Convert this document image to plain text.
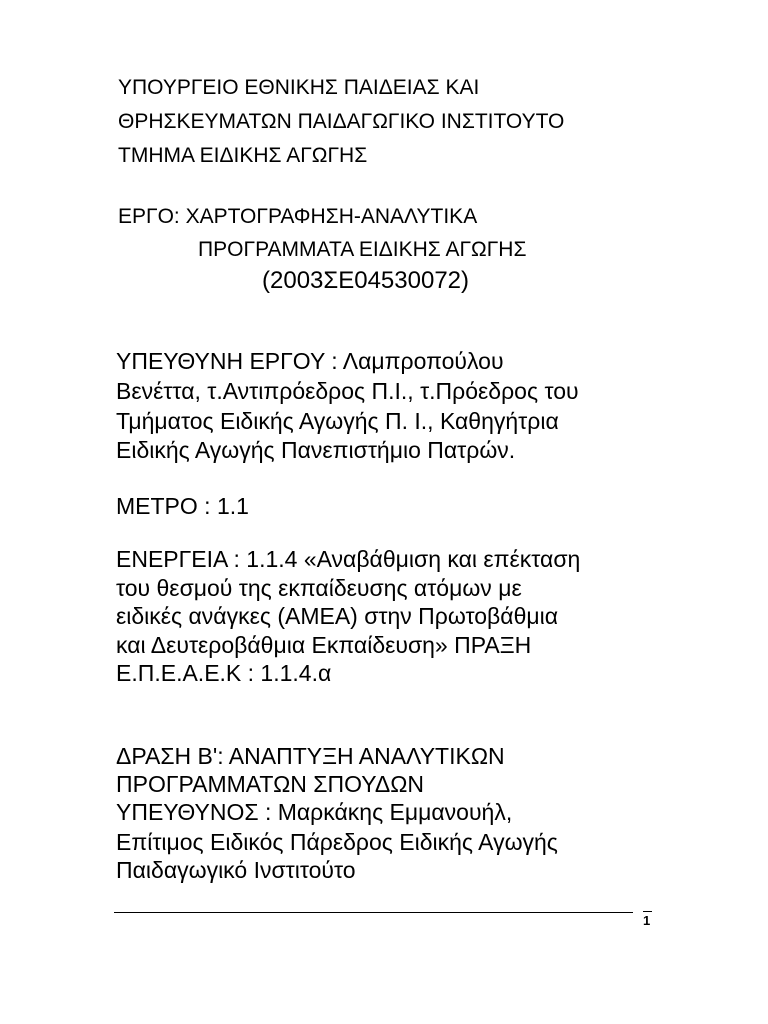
ΥΠΟΥΡΓΕΙΟ ΕΘΝΙΚΗΣ ΠΑΙΔΕΙΑΣ ΚΑΙ

ΘΡΗΣΚΕΥΜΑΤΩΝ ΠΑΙΔΑΓΩΓΙΚΟ ΙΝΣΤΙΤΟΥΤΟ

ΤΜΗΜΑ ΕΙΔΙΚΗΣ ΑΓΩΓΗΣ

ΕΡΓΟ: ΧΑΡΤΟΓΡΑΦΗΣΗ-ΑΝΑΛΥΤΙΚΑ

ΠΡΟΓΡΑΜΜΑΤΑ ΕΙΔΙΚΗΣ ΑΓΩΓΗΣ

(2003ΣΕ04530072)

ΥΠΕΥΘΥΝΗ ΕΡΓΟΥ : Λαμπροπούλου

Βενέττα, τ.Αντιπρόεδρος Π.Ι., τ.Πρόεδρος του

Τμήματος Ειδικής Αγωγής Π. Ι., Καθηγήτρια

Ειδικής Αγωγής Πανεπιστήμιο Πατρών.

ΜΕΤΡΟ : 1.1

ΕΝΕΡΓΕΙΑ : 1.1.4 «Αναβάθμιση και επέκταση

του θεσμού της εκπαίδευσης ατόμων με

ειδικές ανάγκες (ΑΜΕΑ) στην Πρωτοβάθμια

και Δευτεροβάθμια Εκπαίδευση» ΠΡΑΞΗ

Ε.Π.Ε.Α.Ε.Κ : 1.1.4.α

ΔΡΑΣΗ Β': ΑΝΑΠΤΥΞΗ ΑΝΑΛΥΤΙΚΩΝ

ΠΡΟΓΡΑΜΜΑΤΩΝ ΣΠΟΥΔΩΝ

ΥΠΕΥΘΥΝΟΣ : Μαρκάκης Εμμανουήλ,

Επίτιμος Ειδικός Πάρεδρος Ειδικής Αγωγής

Παιδαγωγικό Ινστιτούτο

1
